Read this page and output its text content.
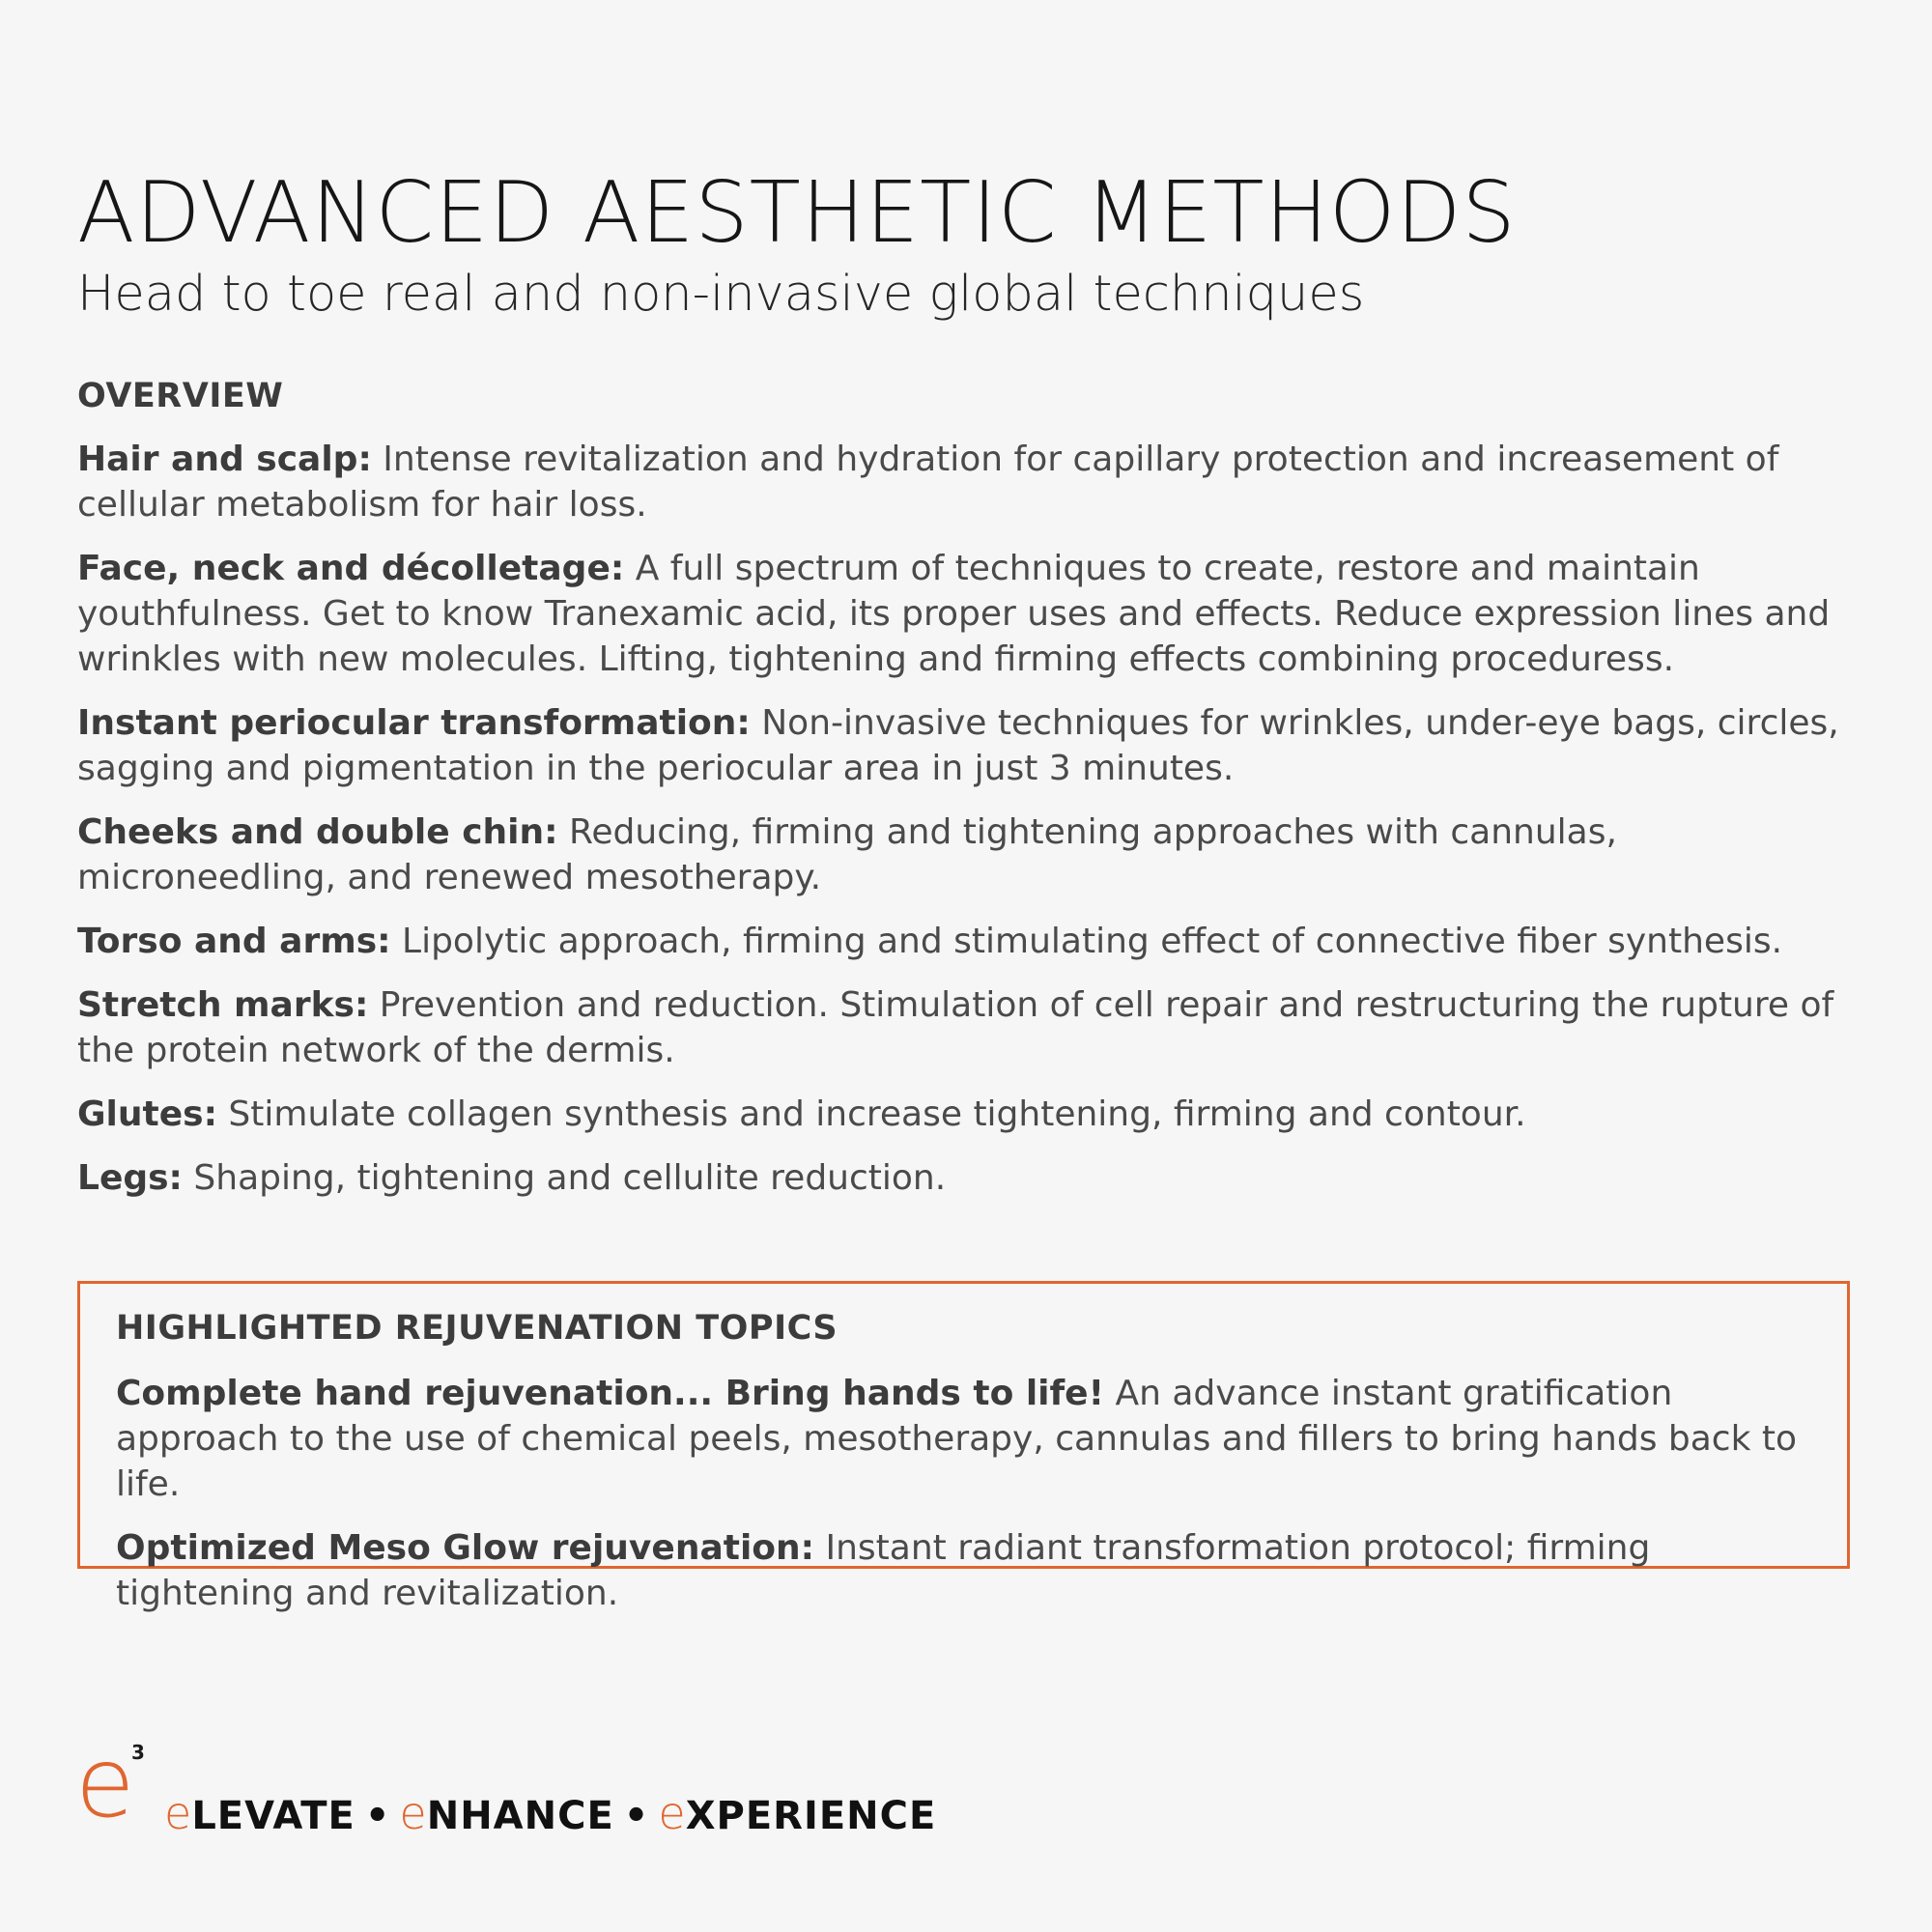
ADVANCED AESTHETIC METHODS
Head to toe real and non-invasive global techniques
OVERVIEW

Hair and scalp: Intense revitalization and hydration for capillary protection and increasement of cellular metabolism for hair loss.

Face, neck and décolletage: A full spectrum of techniques to create, restore and maintain youthfulness. Get to know Tranexamic acid, its proper uses and effects. Reduce expression lines and wrinkles with new molecules. Lifting, tightening and firming effects combining proceduress.

Instant periocular transformation: Non-invasive techniques for wrinkles, under-eye bags, circles, sagging and pigmentation in the periocular area in just 3 minutes.

Cheeks and double chin: Reducing, firming and tightening approaches with cannulas, microneedling, and renewed mesotherapy.

Torso and arms: Lipolytic approach, firming and stimulating effect of connective fiber synthesis.

Stretch marks: Prevention and reduction. Stimulation of cell repair and restructuring the rupture of the protein network of the dermis.

Glutes: Stimulate collagen synthesis and increase tightening, firming and contour.

Legs: Shaping, tightening and cellulite reduction.

HIGHLIGHTED REJUVENATION TOPICS

Complete hand rejuvenation... Bring hands to life! An advance instant gratification approach to the use of chemical peels, mesotherapy, cannulas and fillers to bring hands back to life.

Optimized Meso Glow rejuvenation: Instant radiant transformation protocol; firming tightening and revitalization.

e
3
eLEVATE • eNHANCE • eXPERIENCE
